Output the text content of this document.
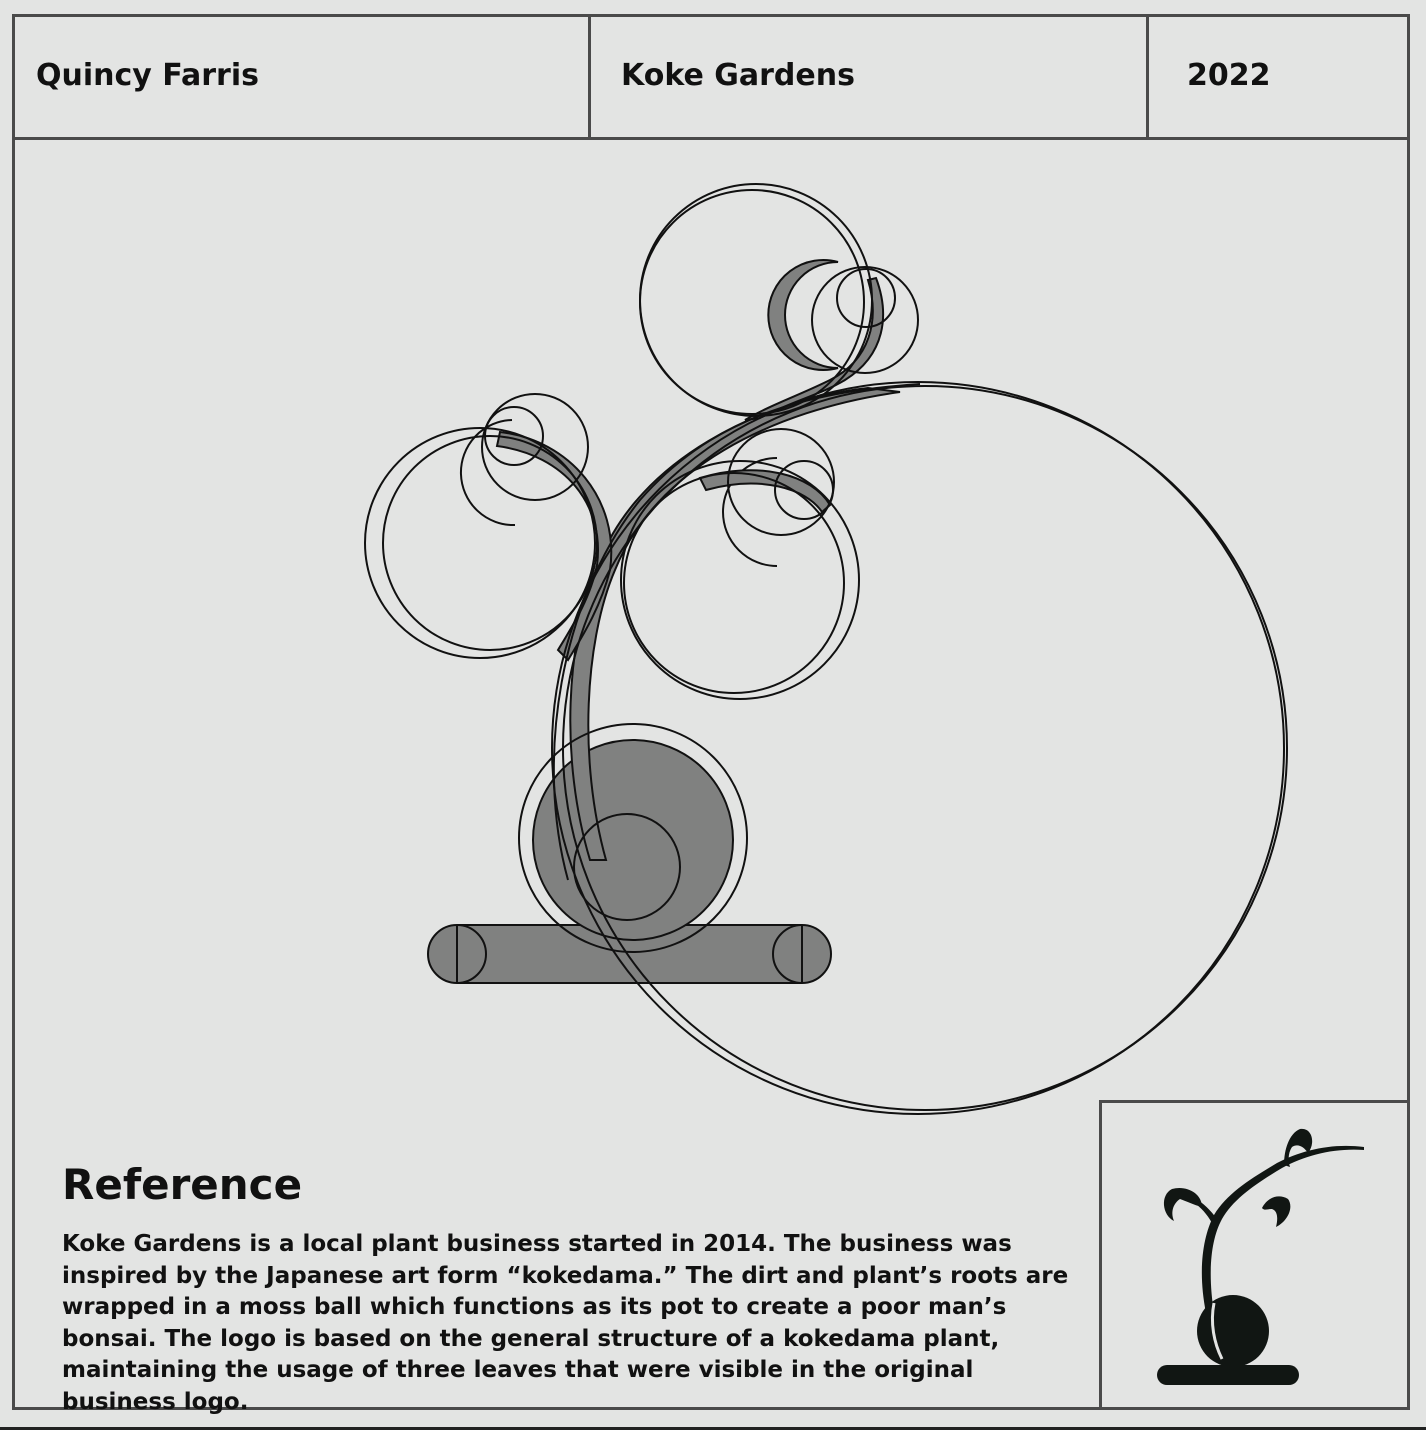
Quincy Farris	Koke Gardens	2022
Reference

Koke Gardens is a local plant business started in 2014. The business was inspired by the Japanese art form “kokedama.” The dirt and plant’s roots are wrapped in a moss ball which functions as its pot to create a poor man’s bonsai. The logo is based on the general structure of a kokedama plant, maintaining the usage of three leaves that were visible in the original business logo.
